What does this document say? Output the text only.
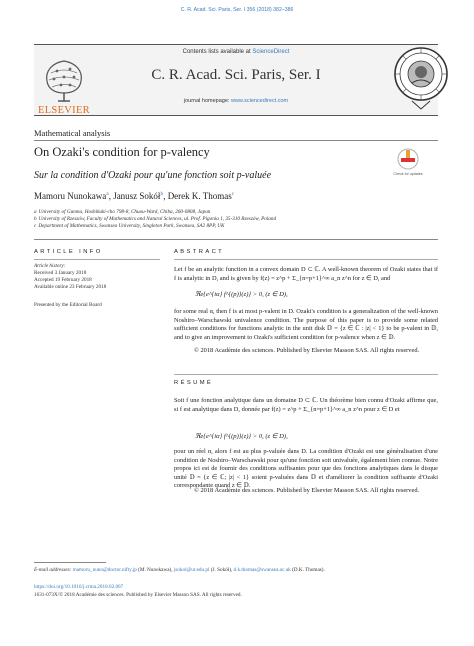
C. R. Acad. Sci. Paris, Ser. I 356 (2018) 382–386
Contents lists available at ScienceDirect
C. R. Acad. Sci. Paris, Ser. I
journal homepage: www.sciencedirect.com
ELSEVIER
Mathematical analysis
On Ozaki's condition for p-valency
Check for updates
Sur la condition d'Ozaki pour qu'une fonction soit p-valuée
Mamoru Nunokawa$^a$, Janusz Sokół$^b$, Derek K. Thomas$^c$
a University of Gunma, Hoshikuki-cho 798-8, Chuou-Ward, Chiba, 260-0808, Japan
b University of Rzeszów, Faculty of Mathematics and Natural Sciences, ul. Prof. Pigonia 1, 35-310 Rzeszów, Poland
c Department of Mathematics, Swansea University, Singleton Park, Swansea, SA2 8PP, UK
ARTICLE INFO
Article history:
Received 3 January 2018
Accepted 19 February 2018
Available online 23 February 2018
Presented by the Editorial Board
ABSTRACT
Let f be an analytic function in a convex domain D ⊂ ℂ. A well-known theorem of Ozaki states that if f is analytic in D, and is given by f(z) = z^p + Σ_{n=p+1}^∞ a_n z^n for z ∈ D, and
ℜe{e^{iα} f^{(p)}(z)} > 0, (z ∈ D),
for some real α, then f is at most p-valent in D. Ozaki's condition is a generalization of the well-known Noshiro–Warschawski univalence condition. The purpose of this paper is to provide some related sufficient conditions for functions analytic in the unit disk 𝔻 = {z ∈ ℂ : |z| < 1} to be p-valent in 𝔻, and to give an improvement to Ozaki's sufficient condition for p-valence when z ∈ 𝔻.
© 2018 Académie des sciences. Published by Elsevier Masson SAS. All rights reserved.
RÉSUMÉ
Soit f une fonction analytique dans un domaine D ⊂ ℂ. Un théorème bien connu d'Ozaki affirme que, si f est analytique dans D, donnée par f(z) = z^p + Σ_{n=p+1}^∞ a_n z^n pour z ∈ D et
ℜe{e^{iα} f^{(p)}(z)} > 0, (z ∈ D),
pour un réel α, alors f est au plus p-valuée dans D. La condition d'Ozaki est une généralisation d'une condition de Noshiro–Warschawski pour qu'une fonction soit univaluée, également bien connue. Notre propos ici est de fournir des conditions suffisantes pour que des fonctions analytiques dans le disque unité 𝔻 = {z ∈ ℂ; |z| < 1} soient p-valuées dans 𝔻 et d'améliorer la condition suffisante d'Ozaki correspondante quand z ∈ 𝔻.
© 2018 Académie des sciences. Published by Elsevier Masson SAS. All rights reserved.
E-mail addresses: mamoru_nuno@doctor.nifty.jp (M. Nunokawa), jsokol@ur.edu.pl (J. Sokół), d.k.thomas@swansea.ac.uk (D.K. Thomas).
https://doi.org/10.1016/j.crma.2018.02.007
1631-073X/© 2018 Académie des sciences. Published by Elsevier Masson SAS. All rights reserved.
